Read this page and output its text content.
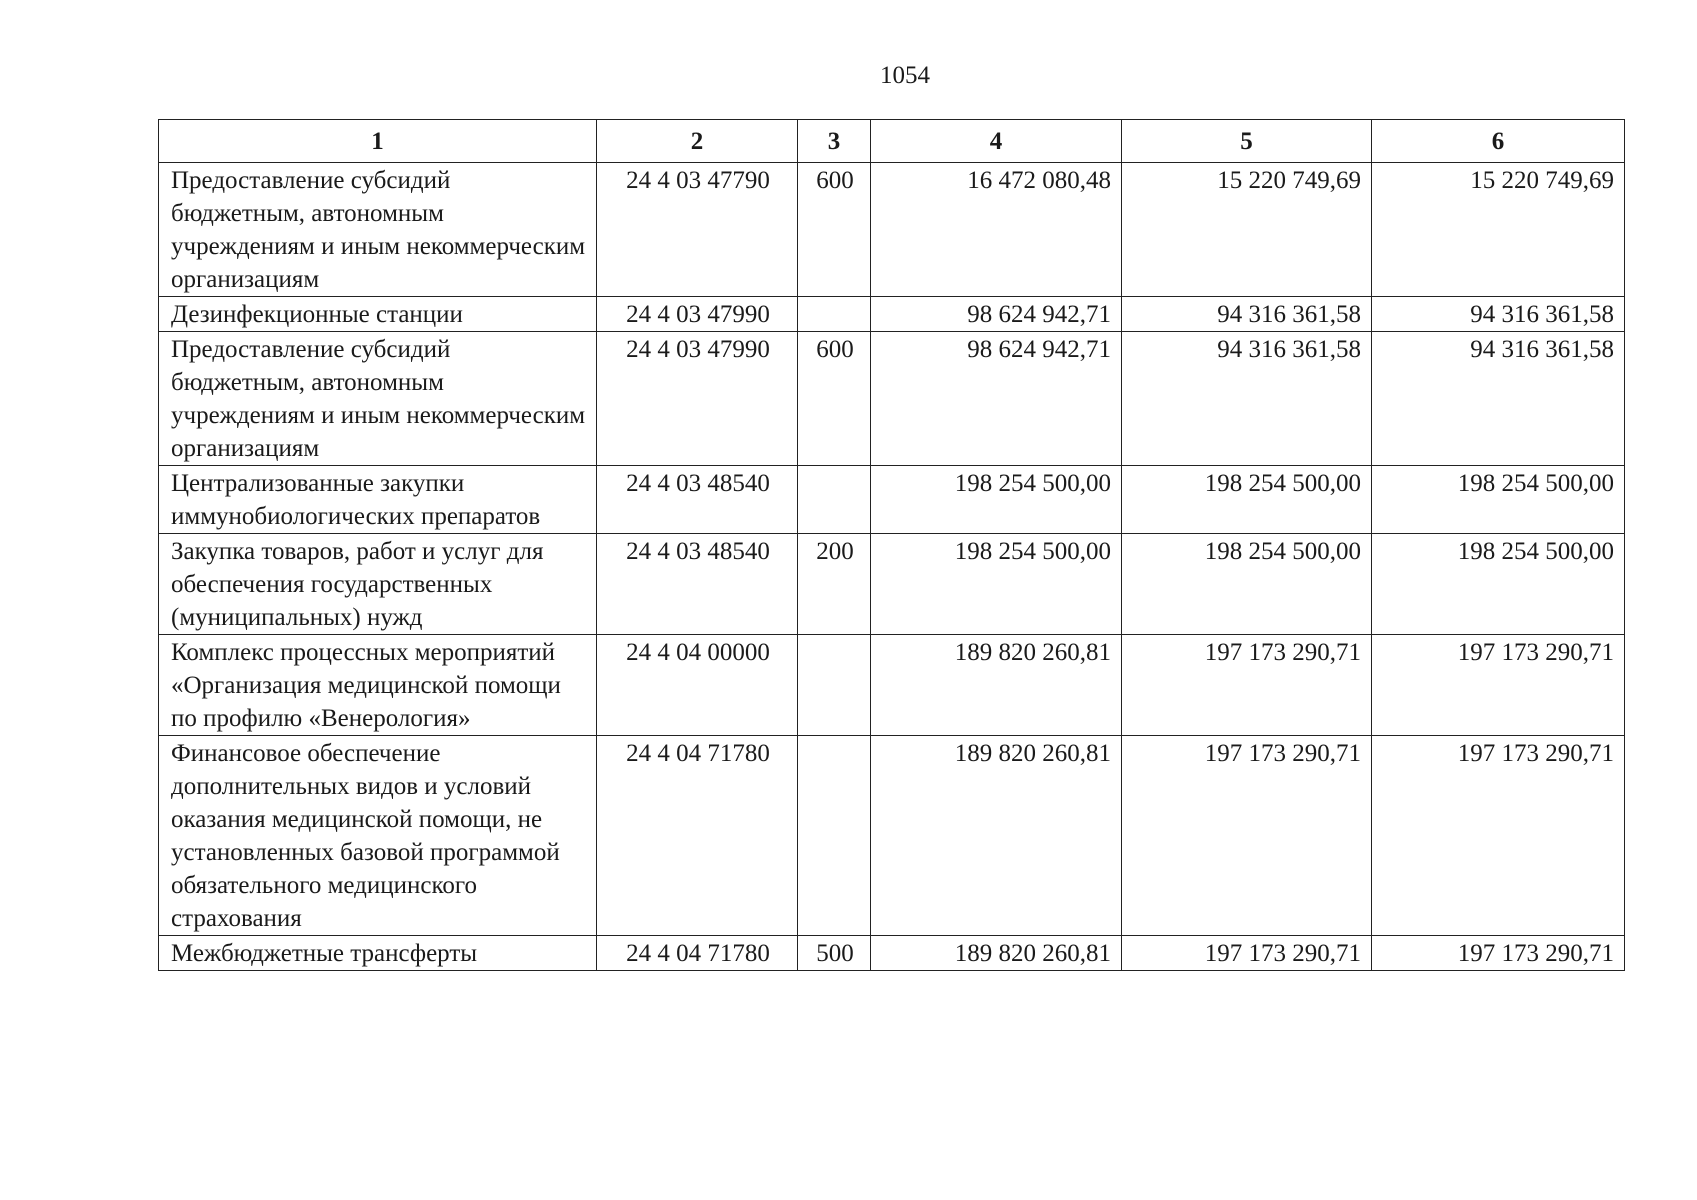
1054
1	2	3	4	5	6
Предоставление субсидий бюджетным, автономным учреждениям и иным некоммерческим организациям	24 4 03 47790	600	16 472 080,48	15 220 749,69	15 220 749,69
Дезинфекционные станции	24 4 03 47990		98 624 942,71	94 316 361,58	94 316 361,58
Предоставление субсидий бюджетным, автономным учреждениям и иным некоммерческим организациям	24 4 03 47990	600	98 624 942,71	94 316 361,58	94 316 361,58
Централизованные закупки иммунобиологических препаратов	24 4 03 48540		198 254 500,00	198 254 500,00	198 254 500,00
Закупка товаров, работ и услуг для обеспечения государственных (муниципальных) нужд	24 4 03 48540	200	198 254 500,00	198 254 500,00	198 254 500,00
Комплекс процессных мероприятий «Организация медицинской помощи по профилю «Венерология»	24 4 04 00000		189 820 260,81	197 173 290,71	197 173 290,71
Финансовое обеспечение дополнительных видов и условий оказания медицинской помощи, не установленных базовой программой обязательного медицинского страхования	24 4 04 71780		189 820 260,81	197 173 290,71	197 173 290,71
Межбюджетные трансферты	24 4 04 71780	500	189 820 260,81	197 173 290,71	197 173 290,71
